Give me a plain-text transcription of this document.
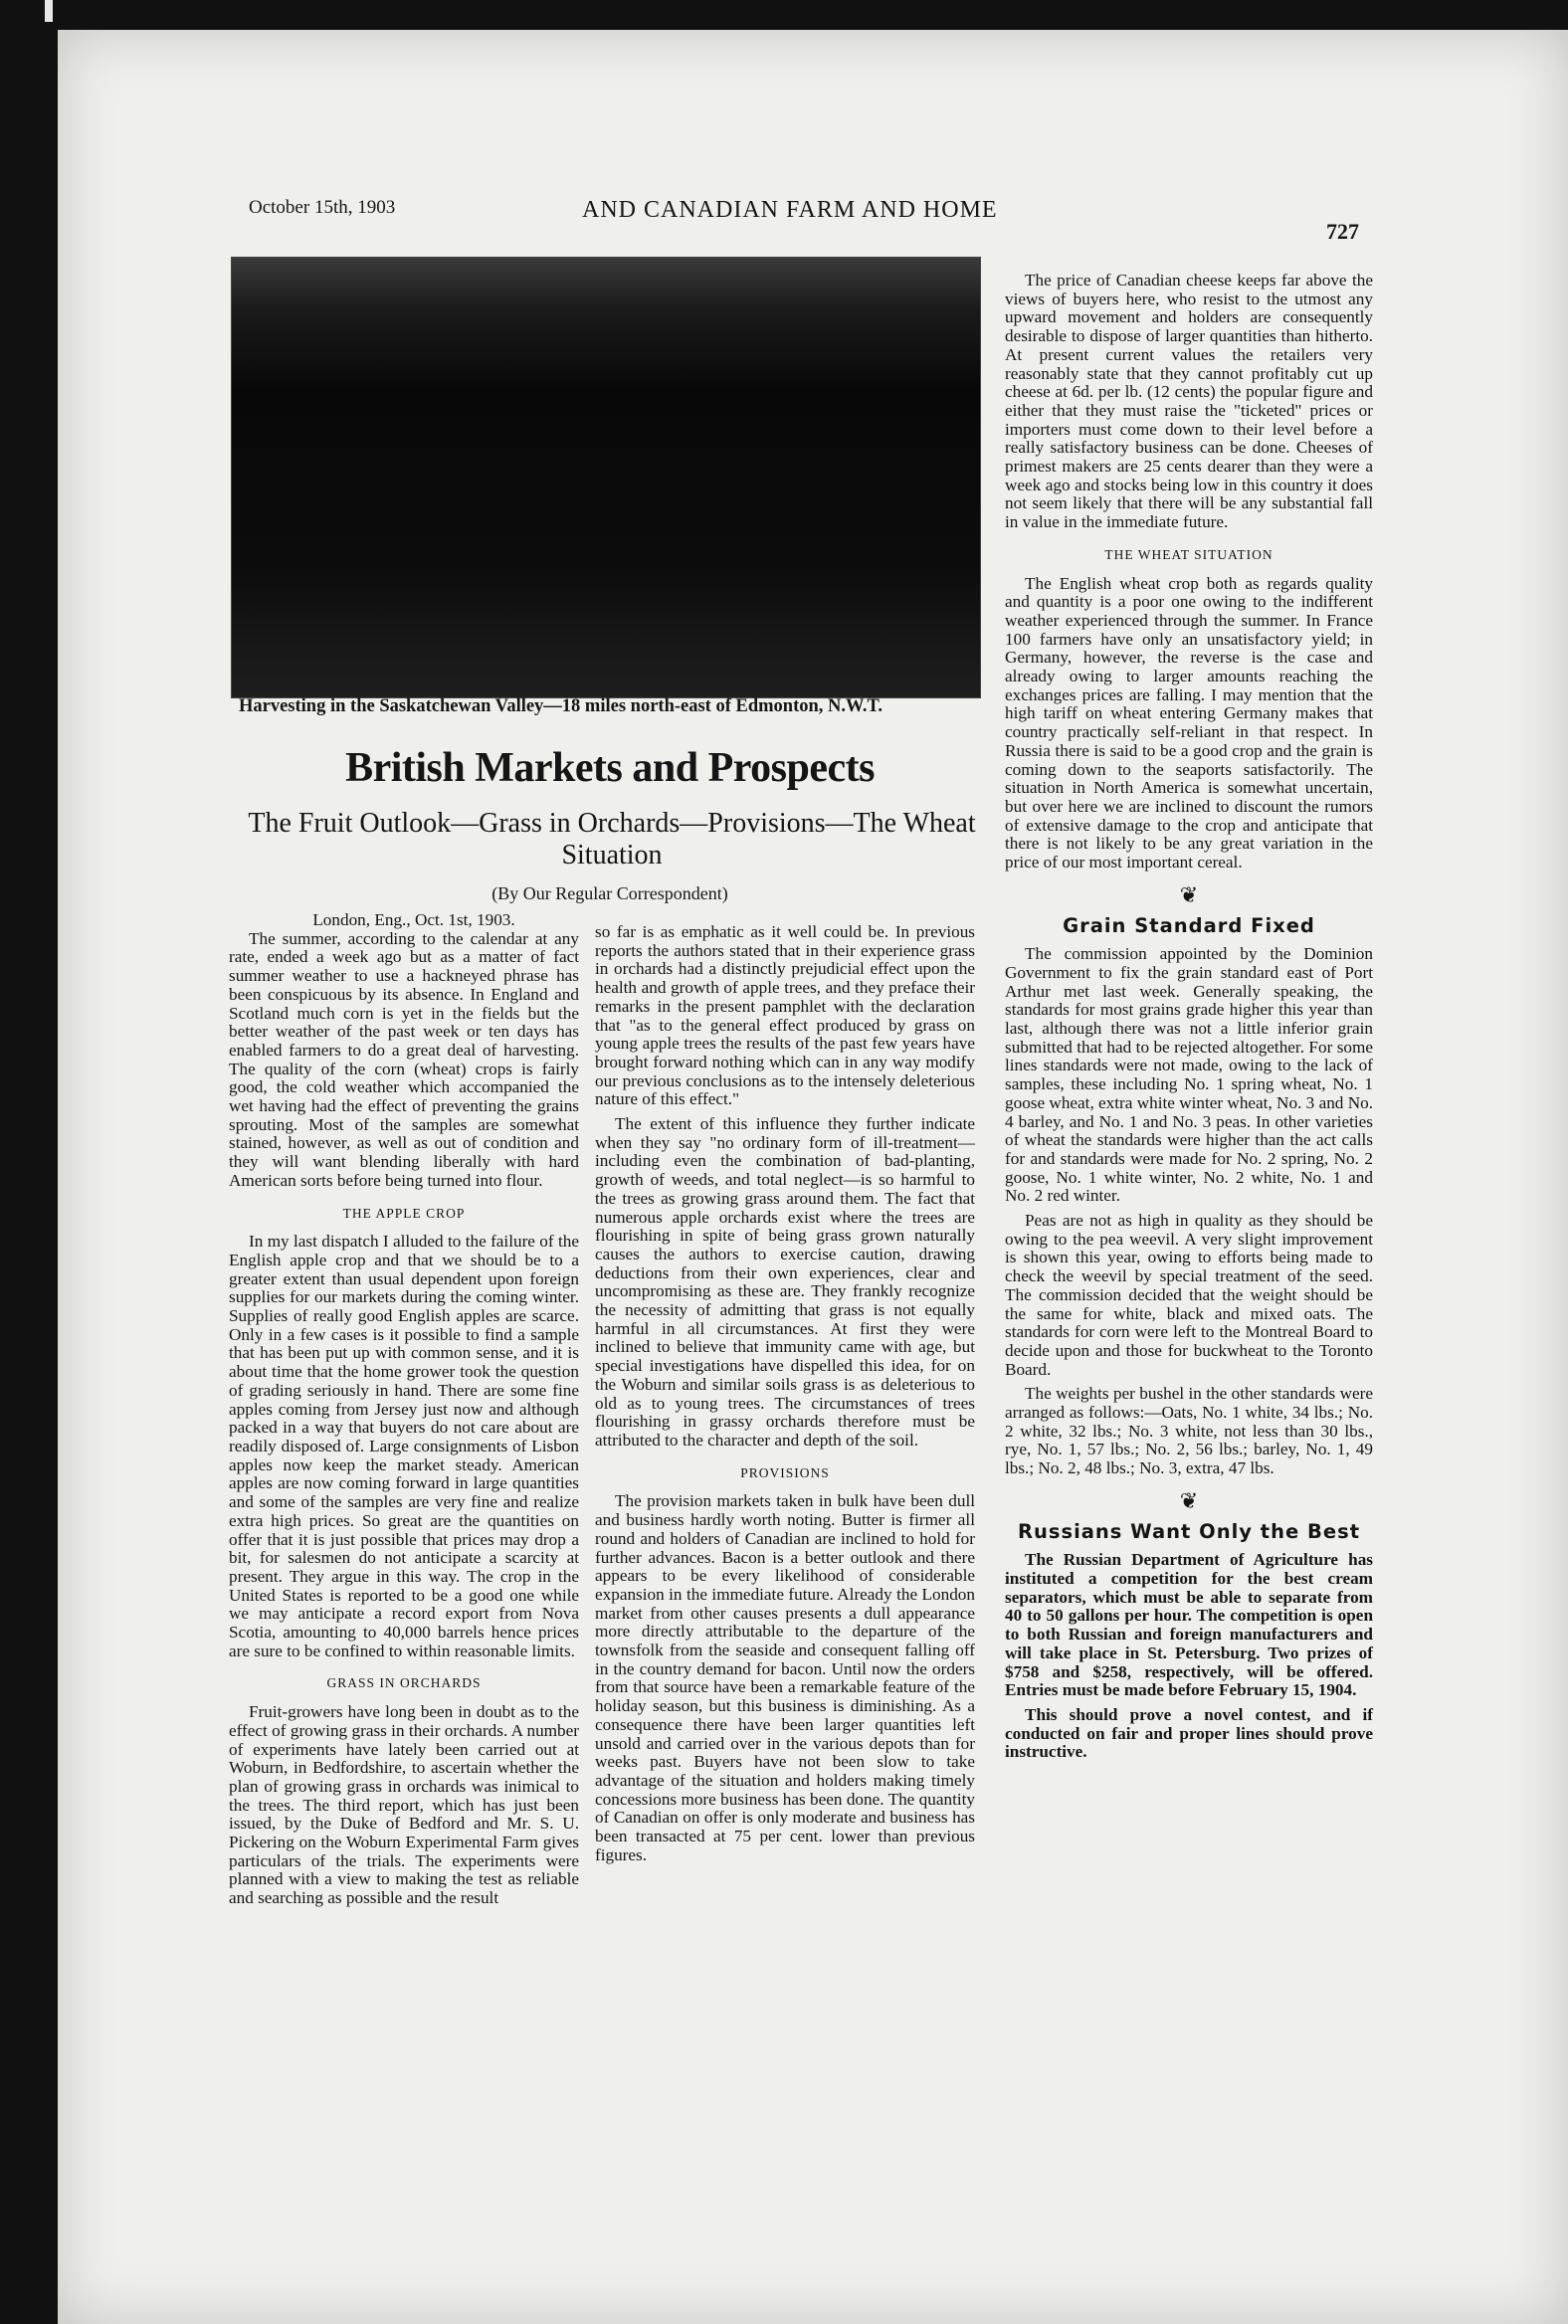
October 15th, 1903	AND CANADIAN FARM AND HOME
727
Harvesting in the Saskatchewan Valley—18 miles north-east of Edmonton, N.W.T.
British Markets and Prospects
The Fruit Outlook—Grass in Orchards—Provisions—The Wheat Situation
(By Our Regular Correspondent)

London, Eng., Oct. 1st, 1903.

The summer, according to the calendar at any rate, ended a week ago but as a matter of fact summer weather to use a hackneyed phrase has been conspicuous by its absence. In England and Scotland much corn is yet in the fields but the better weather of the past week or ten days has enabled farmers to do a great deal of harvesting. The quality of the corn (wheat) crops is fairly good, the cold weather which accompanied the wet having had the effect of preventing the grains sprouting. Most of the samples are somewhat stained, however, as well as out of condition and they will want blending liberally with hard American sorts before being turned into flour.

THE APPLE CROP

In my last dispatch I alluded to the failure of the English apple crop and that we should be to a greater extent than usual dependent upon foreign supplies for our markets during the coming winter. Supplies of really good English apples are scarce. Only in a few cases is it possible to find a sample that has been put up with common sense, and it is about time that the home grower took the question of grading seriously in hand. There are some fine apples coming from Jersey just now and although packed in a way that buyers do not care about are readily disposed of. Large consignments of Lisbon apples now keep the market steady. American apples are now coming forward in large quantities and some of the samples are very fine and realize extra high prices. So great are the quantities on offer that it is just possible that prices may drop a bit, for salesmen do not anticipate a scarcity at present. They argue in this way. The crop in the United States is reported to be a good one while we may anticipate a record export from Nova Scotia, amounting to 40,000 barrels hence prices are sure to be confined to within reasonable limits.

GRASS IN ORCHARDS

Fruit-growers have long been in doubt as to the effect of growing grass in their orchards. A number of experiments have lately been carried out at Woburn, in Bedfordshire, to ascertain whether the plan of growing grass in orchards was inimical to the trees. The third report, which has just been issued, by the Duke of Bedford and Mr. S. U. Pickering on the Woburn Experimental Farm gives particulars of the trials. The experiments were planned with a view to making the test as reliable and searching as possible and the result

so far is as emphatic as it well could be. In previous reports the authors stated that in their experience grass in orchards had a distinctly prejudicial effect upon the health and growth of apple trees, and they preface their remarks in the present pamphlet with the declaration that "as to the general effect produced by grass on young apple trees the results of the past few years have brought forward nothing which can in any way modify our previous conclusions as to the intensely deleterious nature of this effect."

The extent of this influence they further indicate when they say "no ordinary form of ill-treatment—including even the combination of bad-planting, growth of weeds, and total neglect—is so harmful to the trees as growing grass around them. The fact that numerous apple orchards exist where the trees are flourishing in spite of being grass grown naturally causes the authors to exercise caution, drawing deductions from their own experiences, clear and uncompromising as these are. They frankly recognize the necessity of admitting that grass is not equally harmful in all circumstances. At first they were inclined to believe that immunity came with age, but special investigations have dispelled this idea, for on the Woburn and similar soils grass is as deleterious to old as to young trees. The circumstances of trees flourishing in grassy orchards therefore must be attributed to the character and depth of the soil.

PROVISIONS

The provision markets taken in bulk have been dull and business hardly worth noting. Butter is firmer all round and holders of Canadian are inclined to hold for further advances. Bacon is a better outlook and there appears to be every likelihood of considerable expansion in the immediate future. Already the London market from other causes presents a dull appearance more directly attributable to the departure of the townsfolk from the seaside and consequent falling off in the country demand for bacon. Until now the orders from that source have been a remarkable feature of the holiday season, but this business is diminishing. As a consequence there have been larger quantities left unsold and carried over in the various depots than for weeks past. Buyers have not been slow to take advantage of the situation and holders making timely concessions more business has been done. The quantity of Canadian on offer is only moderate and business has been transacted at 75 per cent. lower than previous figures.

The price of Canadian cheese keeps far above the views of buyers here, who resist to the utmost any upward movement and holders are consequently desirable to dispose of larger quantities than hitherto. At present current values the retailers very reasonably state that they cannot profitably cut up cheese at 6d. per lb. (12 cents) the popular figure and either that they must raise the "ticketed" prices or importers must come down to their level before a really satisfactory business can be done. Cheeses of primest makers are 25 cents dearer than they were a week ago and stocks being low in this country it does not seem likely that there will be any substantial fall in value in the immediate future.

THE WHEAT SITUATION

The English wheat crop both as regards quality and quantity is a poor one owing to the indifferent weather experienced through the summer. In France 100 farmers have only an unsatisfactory yield; in Germany, however, the reverse is the case and already owing to larger amounts reaching the exchanges prices are falling. I may mention that the high tariff on wheat entering Germany makes that country practically self-reliant in that respect. In Russia there is said to be a good crop and the grain is coming down to the seaports satisfactorily. The situation in North America is somewhat uncertain, but over here we are inclined to discount the rumors of extensive damage to the crop and anticipate that there is not likely to be any great variation in the price of our most important cereal.

❦
Grain Standard Fixed

The commission appointed by the Dominion Government to fix the grain standard east of Port Arthur met last week. Generally speaking, the standards for most grains grade higher this year than last, although there was not a little inferior grain submitted that had to be rejected altogether. For some lines standards were not made, owing to the lack of samples, these including No. 1 spring wheat, No. 1 goose wheat, extra white winter wheat, No. 3 and No. 4 barley, and No. 1 and No. 3 peas. In other varieties of wheat the standards were higher than the act calls for and standards were made for No. 2 spring, No. 2 goose, No. 1 white winter, No. 2 white, No. 1 and No. 2 red winter.

Peas are not as high in quality as they should be owing to the pea weevil. A very slight improvement is shown this year, owing to efforts being made to check the weevil by special treatment of the seed. The commission decided that the weight should be the same for white, black and mixed oats. The standards for corn were left to the Montreal Board to decide upon and those for buckwheat to the Toronto Board.

The weights per bushel in the other standards were arranged as follows:—Oats, No. 1 white, 34 lbs.; No. 2 white, 32 lbs.; No. 3 white, not less than 30 lbs., rye, No. 1, 57 lbs.; No. 2, 56 lbs.; barley, No. 1, 49 lbs.; No. 2, 48 lbs.; No. 3, extra, 47 lbs.

❦
Russians Want Only the Best

The Russian Department of Agriculture has instituted a competition for the best cream separators, which must be able to separate from 40 to 50 gallons per hour. The competition is open to both Russian and foreign manufacturers and will take place in St. Petersburg. Two prizes of $758 and $258, respectively, will be offered. Entries must be made before February 15, 1904.

This should prove a novel contest, and if conducted on fair and proper lines should prove instructive.
